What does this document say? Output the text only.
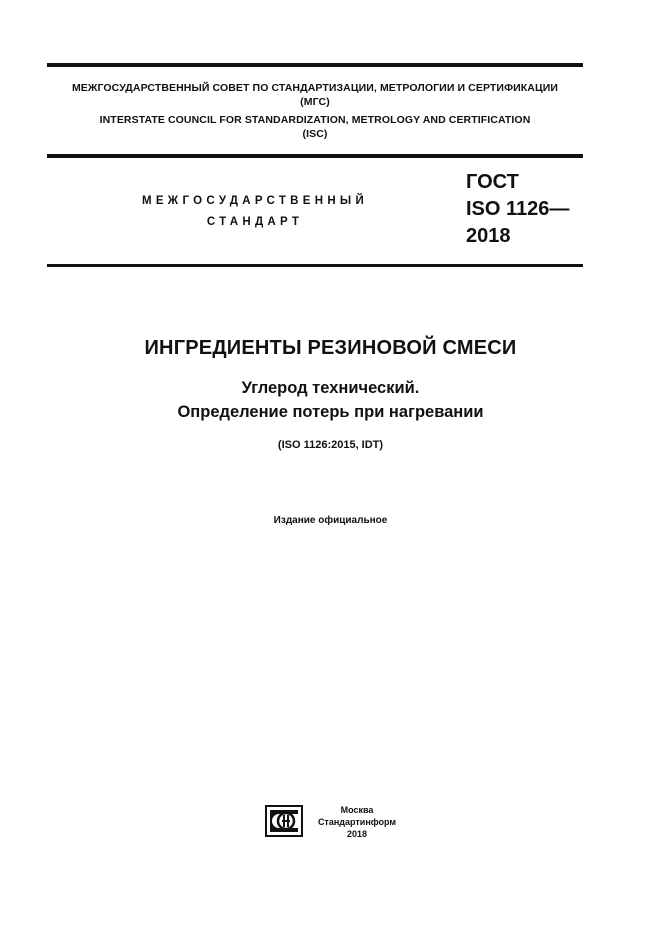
МЕЖГОСУДАРСТВЕННЫЙ СОВЕТ ПО СТАНДАРТИЗАЦИИ, МЕТРОЛОГИИ И СЕРТИФИКАЦИИ
(МГС)
INTERSTATE COUNCIL FOR STANDARDIZATION, METROLOGY AND CERTIFICATION
(ISC)
МЕЖГОСУДАРСТВЕННЫЙ
СТАНДАРТ
ГОСТ
ISO 1126—
2018
ИНГРЕДИЕНТЫ РЕЗИНОВОЙ СМЕСИ
Углерод технический.
Определение потерь при нагревании
(ISO 1126:2015, IDT)
Издание официальное
Москва
Стандартинформ
2018
